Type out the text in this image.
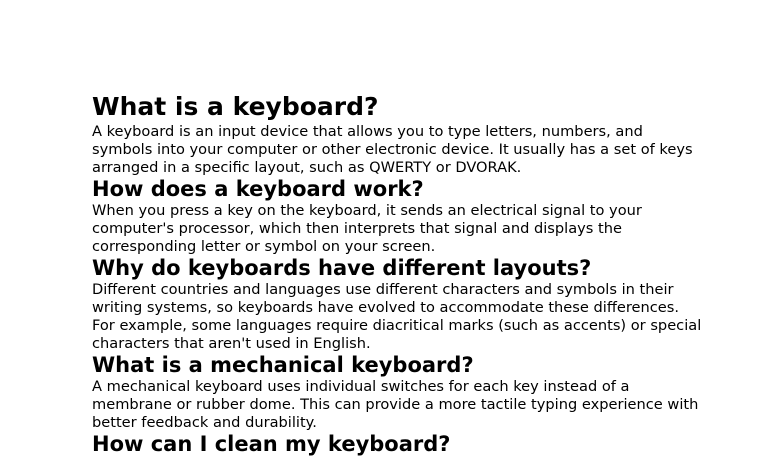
What is a keyboard?

A keyboard is an input device that allows you to type letters, numbers, and symbols into your computer or other electronic device. It usually has a set of keys arranged in a specific layout, such as QWERTY or DVORAK.

How does a keyboard work?

When you press a key on the keyboard, it sends an electrical signal to your computer's processor, which then interprets that signal and displays the corresponding letter or symbol on your screen.

Why do keyboards have different layouts?

Different countries and languages use different characters and symbols in their writing systems, so keyboards have evolved to accommodate these differences. For example, some languages require diacritical marks (such as accents) or special characters that aren't used in English.

What is a mechanical keyboard?

A mechanical keyboard uses individual switches for each key instead of a membrane or rubber dome. This can provide a more tactile typing experience with better feedback and durability.

How can I clean my keyboard?
